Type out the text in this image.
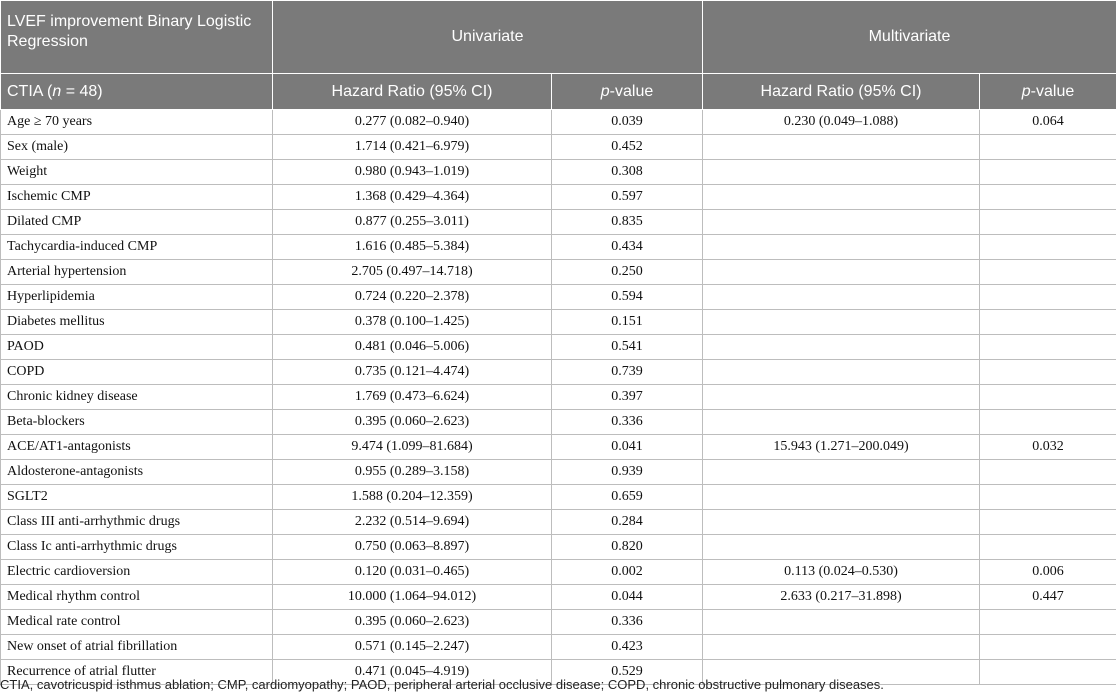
LVEF improvement Binary Logistic Regression	Univariate		Multivariate	
CTIA (n = 48)	Hazard Ratio (95% CI)	p-value	Hazard Ratio (95% CI)	p-value
Age ≥ 70 years	0.277 (0.082–0.940)	0.039	0.230 (0.049–1.088)	0.064
Sex (male)	1.714 (0.421–6.979)	0.452		
Weight	0.980 (0.943–1.019)	0.308		
Ischemic CMP	1.368 (0.429–4.364)	0.597		
Dilated CMP	0.877 (0.255–3.011)	0.835		
Tachycardia-induced CMP	1.616 (0.485–5.384)	0.434		
Arterial hypertension	2.705 (0.497–14.718)	0.250		
Hyperlipidemia	0.724 (0.220–2.378)	0.594		
Diabetes mellitus	0.378 (0.100–1.425)	0.151		
PAOD	0.481 (0.046–5.006)	0.541		
COPD	0.735 (0.121–4.474)	0.739		
Chronic kidney disease	1.769 (0.473–6.624)	0.397		
Beta-blockers	0.395 (0.060–2.623)	0.336		
ACE/AT1-antagonists	9.474 (1.099–81.684)	0.041	15.943 (1.271–200.049)	0.032
Aldosterone-antagonists	0.955 (0.289–3.158)	0.939		
SGLT2	1.588 (0.204–12.359)	0.659		
Class III anti-arrhythmic drugs	2.232 (0.514–9.694)	0.284		
Class Ic anti-arrhythmic drugs	0.750 (0.063–8.897)	0.820		
Electric cardioversion	0.120 (0.031–0.465)	0.002	0.113 (0.024–0.530)	0.006
Medical rhythm control	10.000 (1.064–94.012)	0.044	2.633 (0.217–31.898)	0.447
Medical rate control	0.395 (0.060–2.623)	0.336		
New onset of atrial fibrillation	0.571 (0.145–2.247)	0.423		
Recurrence of atrial flutter	0.471 (0.045–4.919)	0.529		
CTIA, cavotricuspid isthmus ablation; CMP, cardiomyopathy; PAOD, peripheral arterial occlusive disease; COPD, chronic obstructive pulmonary diseases.
